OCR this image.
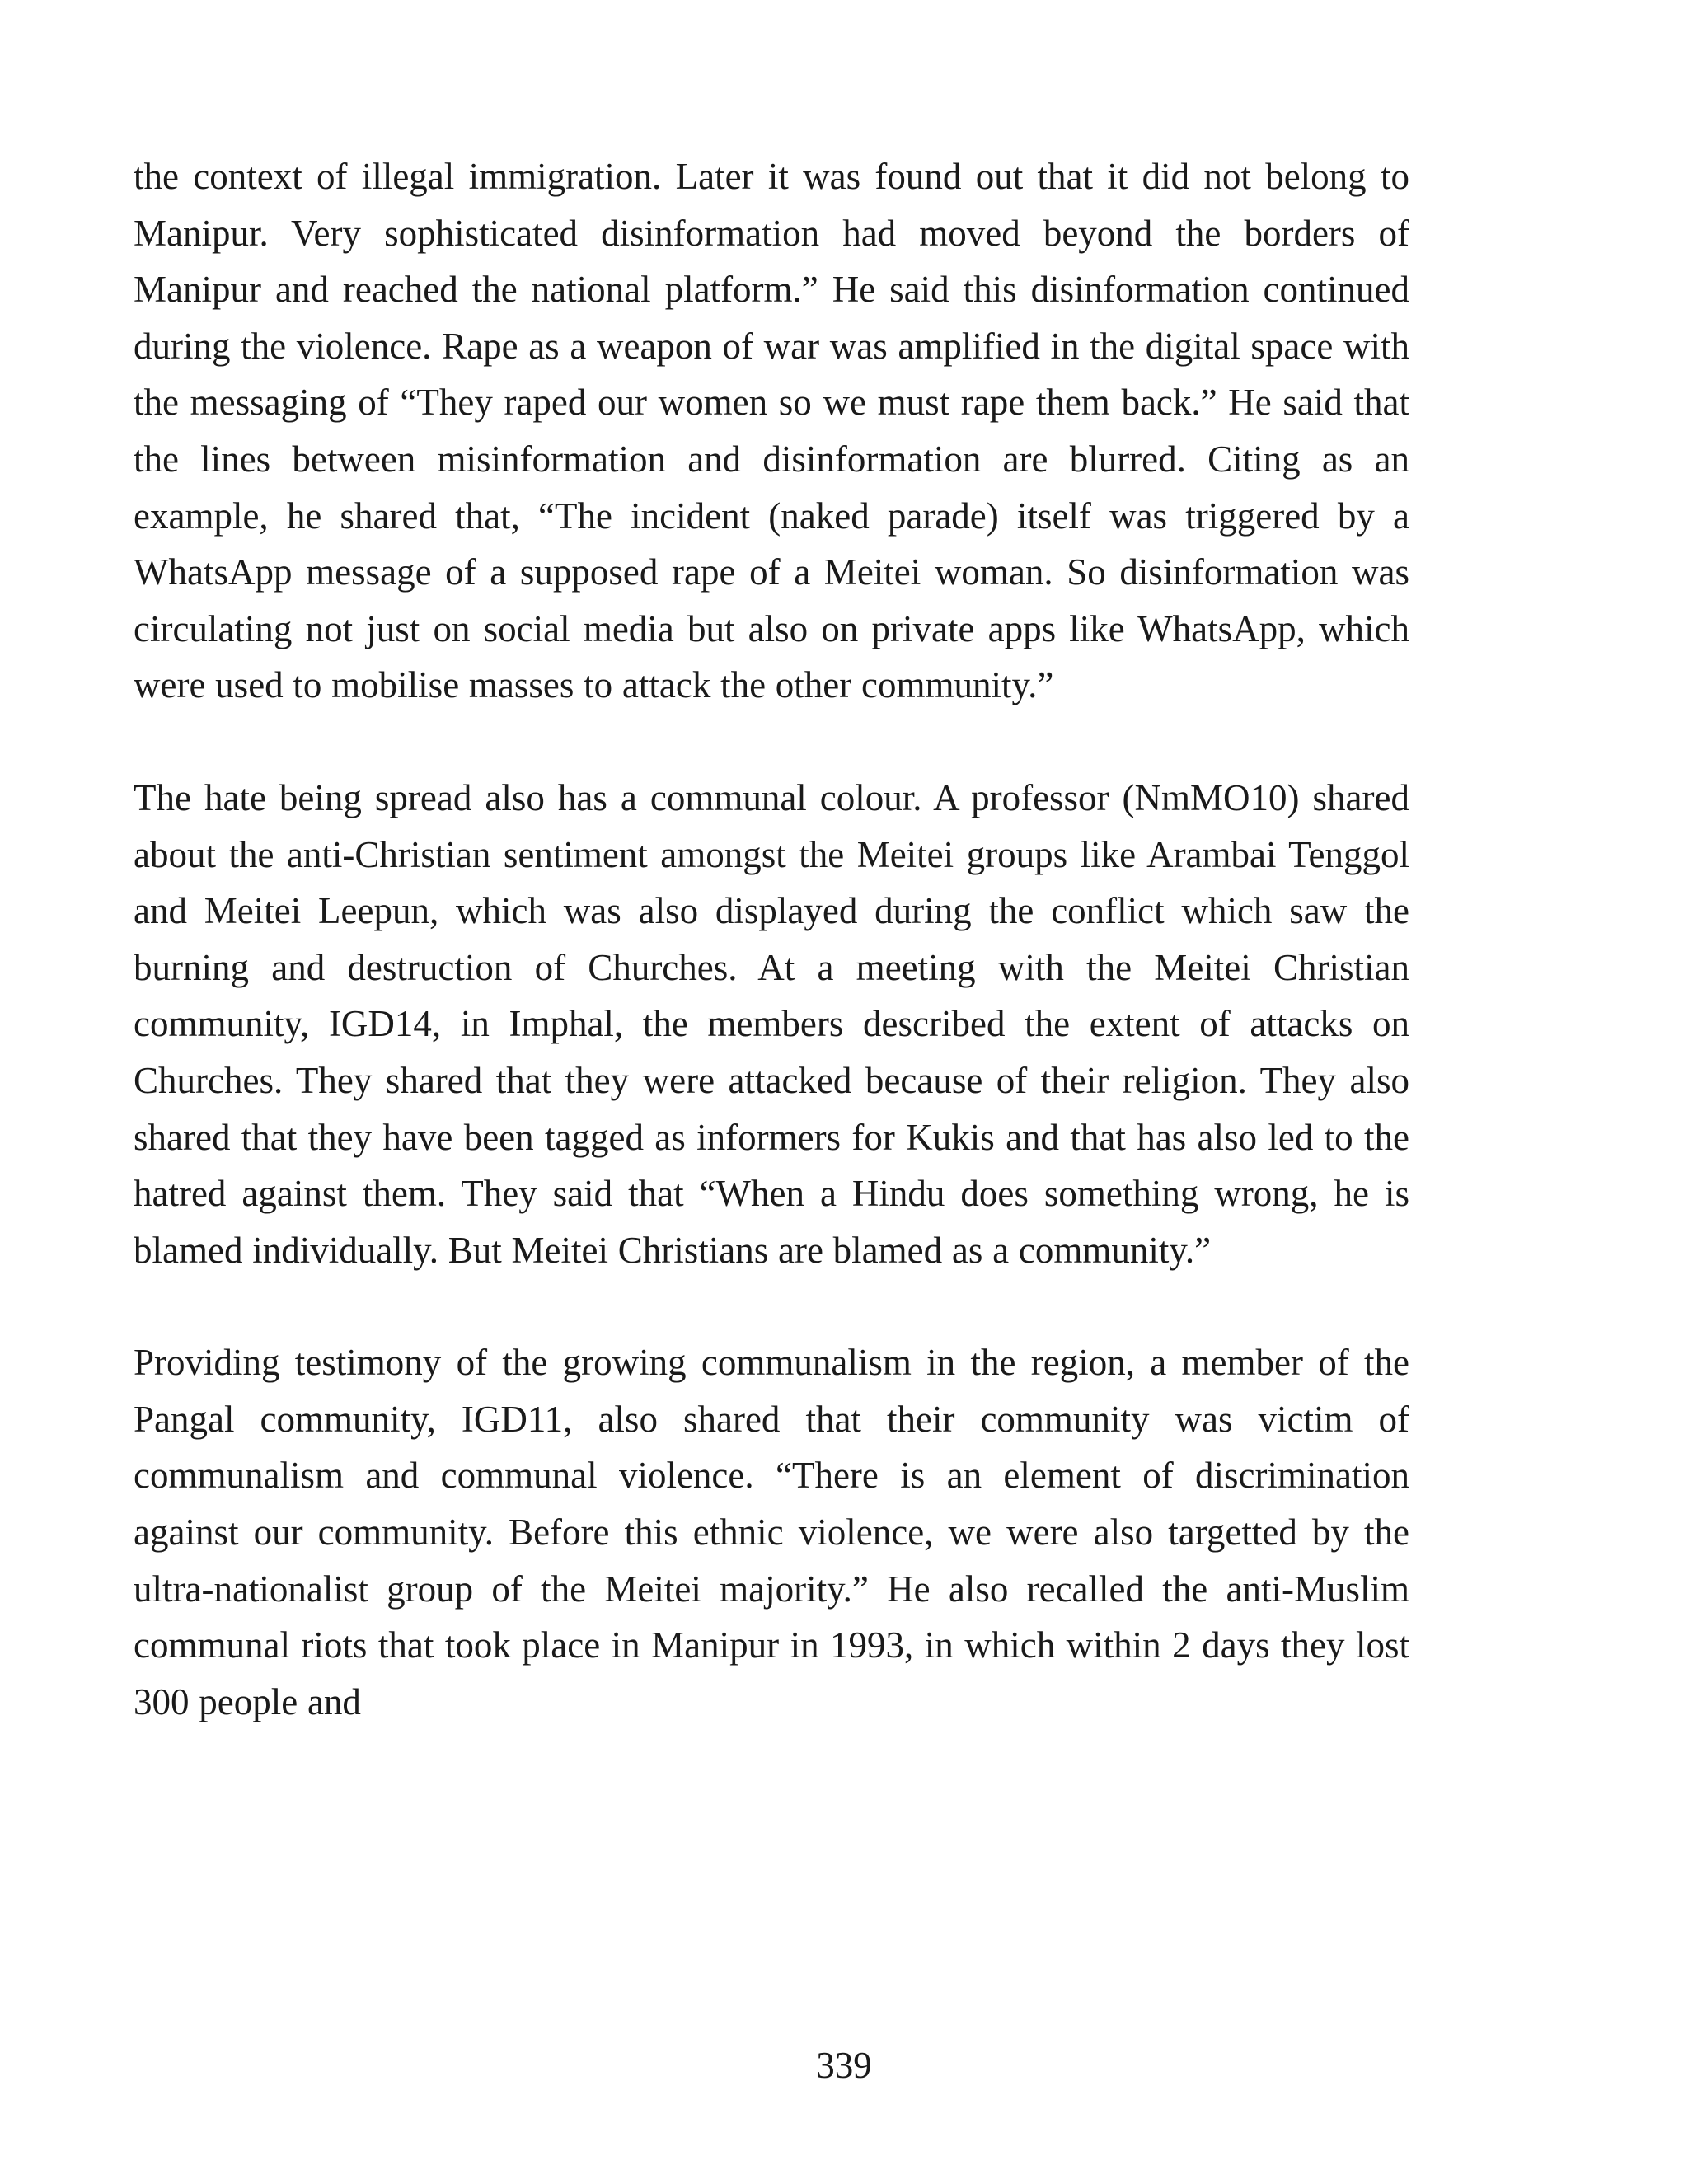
the context of illegal immigration. Later it was found out that it did not belong to Manipur. Very sophisticated disinformation had moved beyond the borders of Manipur and reached the national platform.” He said this disinformation continued during the violence. Rape as a weapon of war was amplified in the digital space with the messaging of “They raped our women so we must rape them back.” He said that the lines between misinformation and disinformation are blurred. Citing as an example, he shared that, “The incident (naked parade) itself was triggered by a WhatsApp message of a supposed rape of a Meitei woman. So disinformation was circulating not just on social media but also on private apps like WhatsApp, which were used to mobilise masses to attack the other community.”

The hate being spread also has a communal colour. A professor (NmMO10) shared about the anti-Christian sentiment amongst the Meitei groups like Arambai Tenggol and Meitei Leepun, which was also displayed during the conflict which saw the burning and destruction of Churches. At a meeting with the Meitei Christian community, IGD14, in Imphal, the members described the extent of attacks on Churches. They shared that they were attacked because of their religion. They also shared that they have been tagged as informers for Kukis and that has also led to the hatred against them. They said that “When a Hindu does something wrong, he is blamed individually. But Meitei Christians are blamed as a community.”

Providing testimony of the growing communalism in the region, a member of the Pangal community, IGD11, also shared that their community was victim of communalism and communal violence. “There is an element of discrimination against our community. Before this ethnic violence, we were also targetted by the ultra-nationalist group of the Meitei majority.” He also recalled the anti-Muslim communal riots that took place in Manipur in 1993, in which within 2 days they lost 300 people and

339
